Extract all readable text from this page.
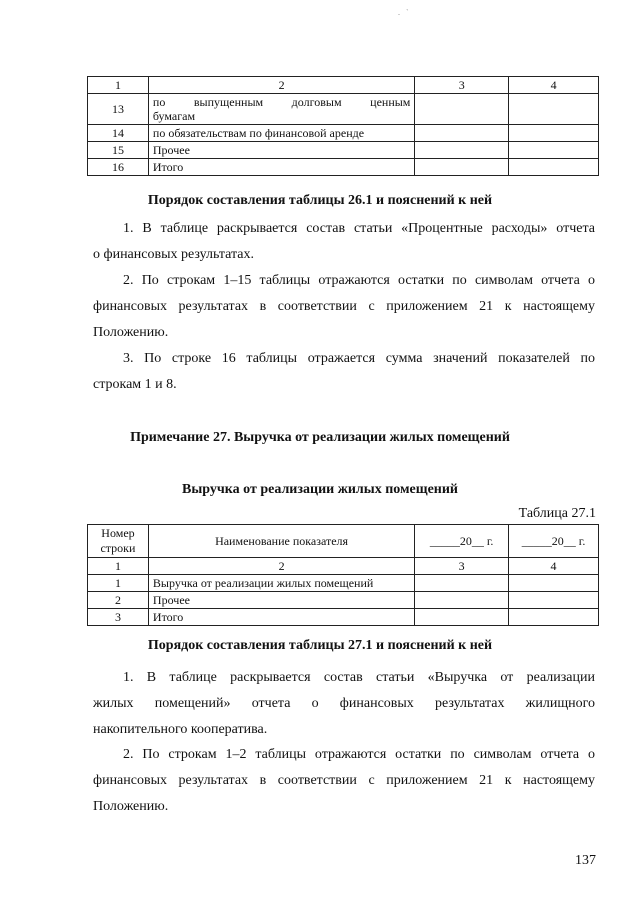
.   `
1	2	3	4
13	по выпущенным долговым ценным
бумагам		

14	по обязательствам по финансовой аренде		
15	Прочее		
16	Итого		
Порядок составления таблицы 26.1 и пояснений к ней
1. В таблице раскрывается состав статьи «Процентные расходы» отчета
о финансовых результатах.
2. По строкам 1–15 таблицы отражаются остатки по символам отчета о
финансовых результатах в соответствии с приложением 21 к настоящему
Положению.
3. По строке 16 таблицы отражается сумма значений показателей по
строкам 1 и 8.
Примечание 27. Выручка от реализации жилых помещений
Выручка от реализации жилых помещений
Таблица 27.1
Номер
строки	Наименование показателя	_____20__ г.	_____20__ г.
1	2	3	4
1	Выручка от реализации жилых помещений		
2	Прочее		
3	Итого		
Порядок составления таблицы 27.1 и пояснений к ней
1. В таблице раскрывается состав статьи «Выручка от реализации
жилых помещений» отчета о финансовых результатах жилищного
накопительного кооператива.
2. По строкам 1–2 таблицы отражаются остатки по символам отчета о
финансовых результатах в соответствии с приложением 21 к настоящему
Положению.
137
